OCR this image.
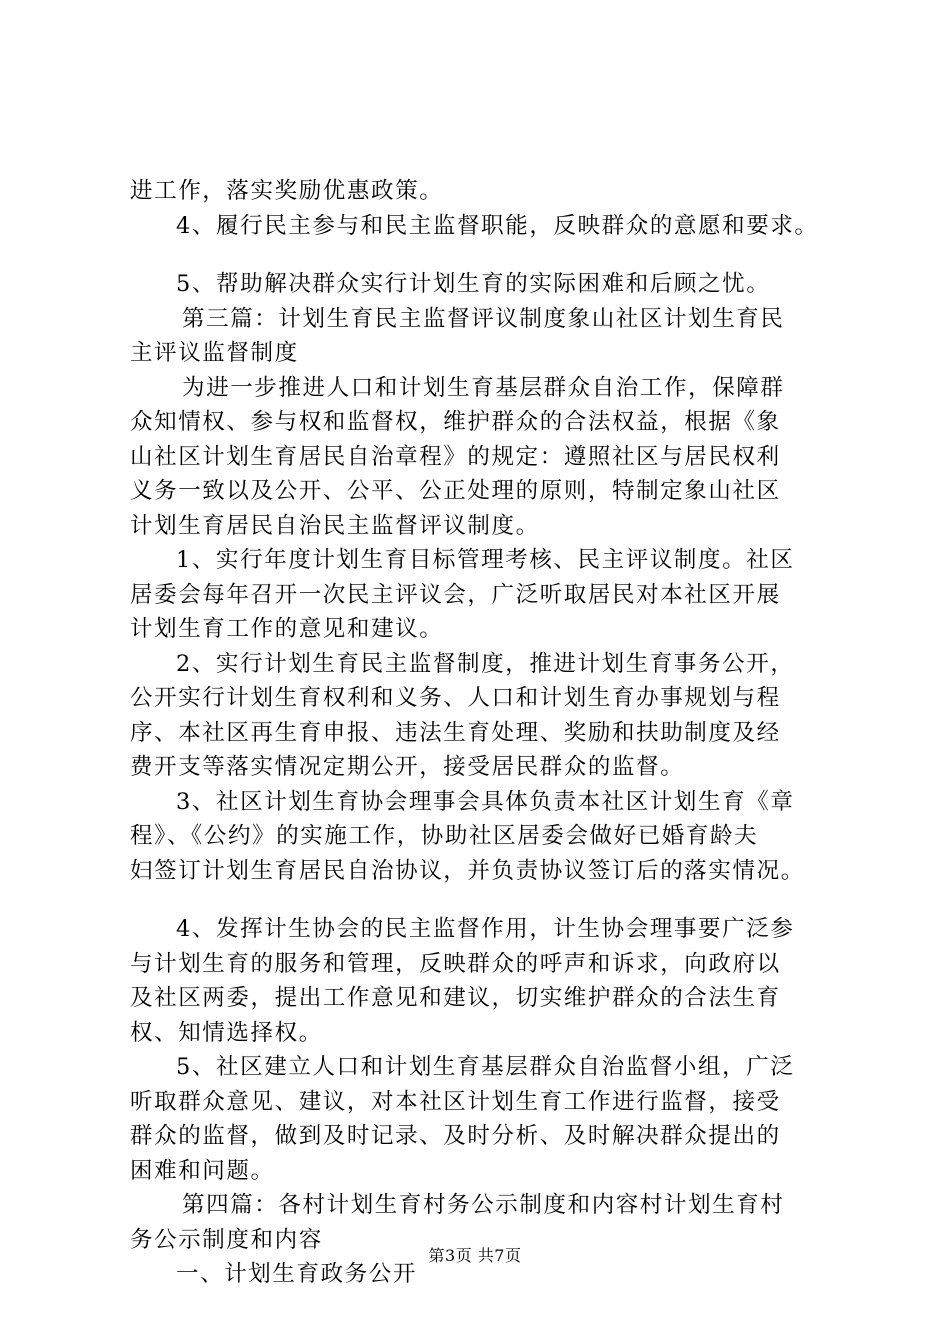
进工作，落实奖励优惠政策。

4、履行民主参与和民主监督职能，反映群众的意愿和要求。

5、帮助解决群众实行计划生育的实际困难和后顾之忧。

第三篇：计划生育民主监督评议制度象山社区计划生育民

主评议监督制度

为进一步推进人口和计划生育基层群众自治工作，保障群

众知情权、参与权和监督权，维护群众的合法权益，根据《象

山社区计划生育居民自治章程》的规定：遵照社区与居民权利

义务一致以及公开、公平、公正处理的原则，特制定象山社区

计划生育居民自治民主监督评议制度。

1、实行年度计划生育目标管理考核、民主评议制度。社区

居委会每年召开一次民主评议会，广泛听取居民对本社区开展

计划生育工作的意见和建议。

2、实行计划生育民主监督制度，推进计划生育事务公开，

公开实行计划生育权利和义务、人口和计划生育办事规划与程

序、本社区再生育申报、违法生育处理、奖励和扶助制度及经

费开支等落实情况定期公开，接受居民群众的监督。

3、社区计划生育协会理事会具体负责本社区计划生育《章

程》、《公约》的实施工作，协助社区居委会做好已婚育龄夫

妇签订计划生育居民自治协议，并负责协议签订后的落实情况。

4、发挥计生协会的民主监督作用，计生协会理事要广泛参

与计划生育的服务和管理，反映群众的呼声和诉求，向政府以

及社区两委，提出工作意见和建议，切实维护群众的合法生育

权、知情选择权。

5、社区建立人口和计划生育基层群众自治监督小组，广泛

听取群众意见、建议，对本社区计划生育工作进行监督，接受

群众的监督，做到及时记录、及时分析、及时解决群众提出的

困难和问题。

第四篇：各村计划生育村务公示制度和内容村计划生育村

务公示制度和内容

一、计划生育政务公开

第3页 共7页
